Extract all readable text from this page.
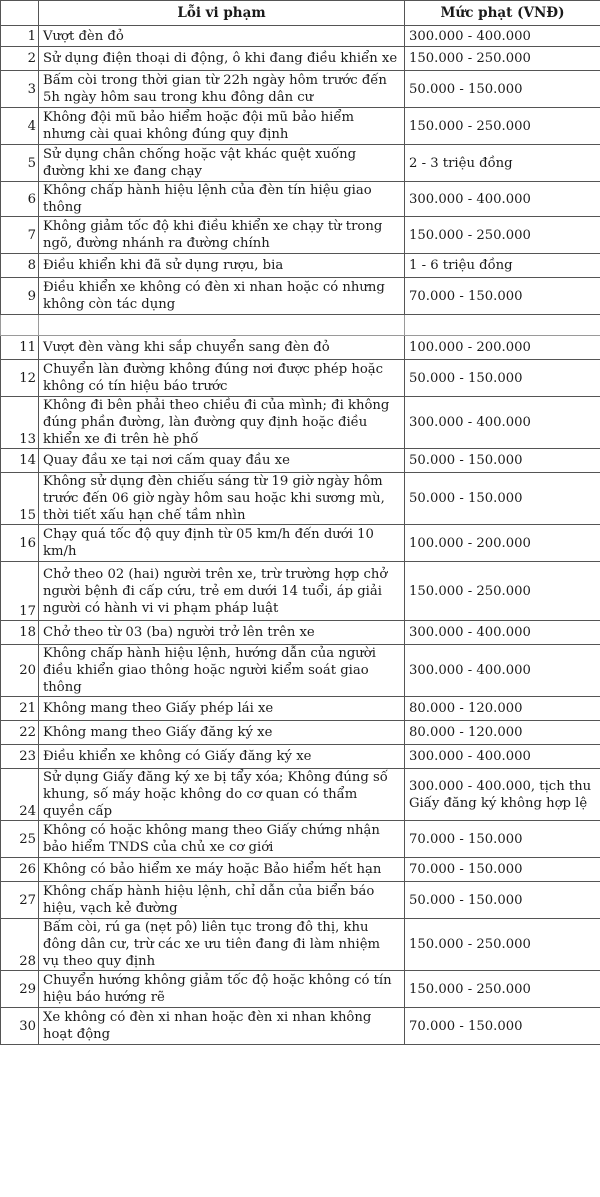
	Lỗi vi phạm	Mức phạt (VNĐ)
1	Vượt đèn đỏ	300.000 - 400.000
2	Sử dụng điện thoại di động, ô khi đang điều khiển xe	150.000 - 250.000
3	Bấm còi trong thời gian từ 22h ngày hôm trước đến 5h ngày hôm sau trong khu đông dân cư	50.000 - 150.000
4	Không đội mũ bảo hiểm hoặc đội mũ bảo hiểm nhưng cài quai không đúng quy định	150.000 - 250.000
5	Sử dụng chân chống hoặc vật khác quệt xuống đường khi xe đang chạy	2 - 3 triệu đồng
6	Không chấp hành hiệu lệnh của đèn tín hiệu giao thông	300.000 - 400.000
7	Không giảm tốc độ khi điều khiển xe chạy từ trong ngõ, đường nhánh ra đường chính	150.000 - 250.000
8	Điều khiển khi đã sử dụng rượu, bia	1 - 6 triệu đồng
9	Điều khiển xe không có đèn xi nhan hoặc có nhưng không còn tác dụng	70.000 - 150.000

11	Vượt đèn vàng khi sắp chuyển sang đèn đỏ	100.000 - 200.000
12	Chuyển làn đường không đúng nơi được phép hoặc không có tín hiệu báo trước	50.000 - 150.000
13	Không đi bên phải theo chiều đi của mình; đi không đúng phần đường, làn đường quy định hoặc điều khiển xe đi trên hè phố	300.000 - 400.000
14	Quay đầu xe tại nơi cấm quay đầu xe	50.000 - 150.000
15	Không sử dụng đèn chiếu sáng từ 19 giờ ngày hôm trước đến 06 giờ ngày hôm sau hoặc khi sương mù, thời tiết xấu hạn chế tầm nhìn	50.000 - 150.000
16	Chạy quá tốc độ quy định từ 05 km/h đến dưới 10 km/h	100.000 - 200.000
17	Chở theo 02 (hai) người trên xe, trừ trường hợp chở người bệnh đi cấp cứu, trẻ em dưới 14 tuổi, áp giải người có hành vi vi phạm pháp luật	150.000 - 250.000
18	Chở theo từ 03 (ba) người trở lên trên xe	300.000 - 400.000
20	Không chấp hành hiệu lệnh, hướng dẫn của người điều khiển giao thông hoặc người kiểm soát giao thông	300.000 - 400.000
21	Không mang theo Giấy phép lái xe	80.000 - 120.000
22	Không mang theo Giấy đăng ký xe	80.000 - 120.000
23	Điều khiển xe không có Giấy đăng ký xe	300.000 - 400.000
24	Sử dụng Giấy đăng ký xe bị tẩy xóa; Không đúng số khung, số máy hoặc không do cơ quan có thẩm quyền cấp	300.000 - 400.000, tịch thu Giấy đăng ký không hợp lệ
25	Không có hoặc không mang theo Giấy chứng nhận bảo hiểm TNDS của chủ xe cơ giới	70.000 - 150.000
26	Không có bảo hiểm xe máy hoặc Bảo hiểm hết hạn	70.000 - 150.000
27	Không chấp hành hiệu lệnh, chỉ dẫn của biển báo hiệu, vạch kẻ đường	50.000 - 150.000
28	Bấm còi, rú ga (nẹt pô) liên tục trong đô thị, khu đông dân cư, trừ các xe ưu tiên đang đi làm nhiệm vụ theo quy định	150.000 - 250.000
29	Chuyển hướng không giảm tốc độ hoặc không có tín hiệu báo hướng rẽ	150.000 - 250.000
30	Xe không có đèn xi nhan hoặc đèn xi nhan không hoạt động	70.000 - 150.000
